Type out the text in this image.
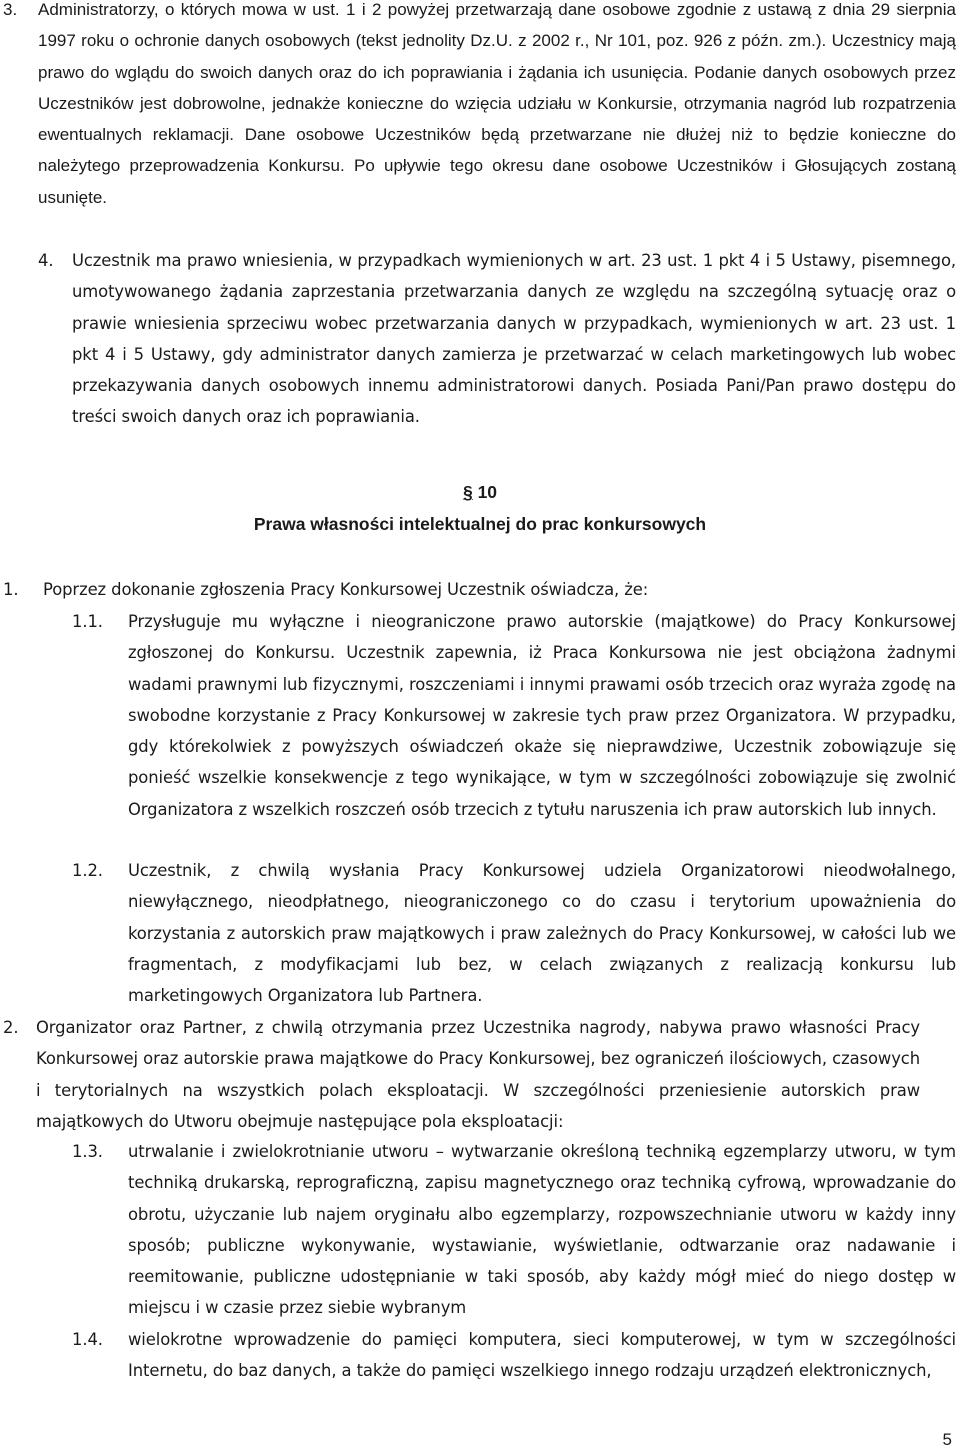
3. Administratorzy, o których mowa w ust. 1 i 2 powyżej przetwarzają dane osobowe zgodnie z ustawą z dnia 29 sierpnia 1997 roku o ochronie danych osobowych (tekst jednolity Dz.U. z 2002 r., Nr 101, poz. 926 z późn. zm.). Uczestnicy mają prawo do wglądu do swoich danych oraz do ich poprawiania i żądania ich usunięcia. Podanie danych osobowych przez Uczestników jest dobrowolne, jednakże konieczne do wzięcia udziału w Konkursie, otrzymania nagród lub rozpatrzenia ewentualnych reklamacji. Dane osobowe Uczestników będą przetwarzane nie dłużej niż to będzie konieczne do należytego przeprowadzenia Konkursu. Po upływie tego okresu dane osobowe Uczestników i Głosujących zostaną usunięte.

4. Uczestnik ma prawo wniesienia, w przypadkach wymienionych w art. 23 ust. 1 pkt 4 i 5 Ustawy, pisemnego, umotywowanego żądania zaprzestania przetwarzania danych ze względu na szczególną sytuację oraz o prawie wniesienia sprzeciwu wobec przetwarzania danych w przypadkach, wymienionych w art. 23 ust. 1 pkt 4 i 5 Ustawy, gdy administrator danych zamierza je przetwarzać w celach marketingowych lub wobec przekazywania danych osobowych innemu administratorowi danych. Posiada Pani/Pan prawo dostępu do treści swoich danych oraz ich poprawiania.

§ 10

Prawa własności intelektualnej do prac konkursowych

1. Poprzez dokonanie zgłoszenia Pracy Konkursowej Uczestnik oświadcza, że:

1.1. Przysługuje mu wyłączne i nieograniczone prawo autorskie (majątkowe) do Pracy Konkursowej zgłoszonej do Konkursu. Uczestnik zapewnia, iż Praca Konkursowa nie jest obciążona żadnymi wadami prawnymi lub fizycznymi, roszczeniami i innymi prawami osób trzecich oraz wyraża zgodę na swobodne korzystanie z Pracy Konkursowej w zakresie tych praw przez Organizatora. W przypadku, gdy którekolwiek z powyższych oświadczeń okaże się nieprawdziwe, Uczestnik zobowiązuje się ponieść wszelkie konsekwencje z tego wynikające, w tym w szczególności zobowiązuje się zwolnić Organizatora z wszelkich roszczeń osób trzecich z tytułu naruszenia ich praw autorskich lub innych.

1.2. Uczestnik, z chwilą wysłania Pracy Konkursowej udziela Organizatorowi nieodwołalnego, niewyłącznego, nieodpłatnego, nieograniczonego co do czasu i terytorium upoważnienia do korzystania z autorskich praw majątkowych i praw zależnych do Pracy Konkursowej, w całości lub we fragmentach, z modyfikacjami lub bez, w celach związanych z realizacją konkursu lub marketingowych Organizatora lub Partnera.

2. Organizator oraz Partner, z chwilą otrzymania przez Uczestnika nagrody, nabywa prawo własności Pracy Konkursowej oraz autorskie prawa majątkowe do Pracy Konkursowej, bez ograniczeń ilościowych, czasowych i terytorialnych na wszystkich polach eksploatacji. W szczególności przeniesienie autorskich praw majątkowych do Utworu obejmuje następujące pola eksploatacji:

1.3. utrwalanie i zwielokrotnianie utworu – wytwarzanie określoną techniką egzemplarzy utworu, w tym techniką drukarską, reprograficzną, zapisu magnetycznego oraz techniką cyfrową, wprowadzanie do obrotu, użyczanie lub najem oryginału albo egzemplarzy, rozpowszechnianie utworu w każdy inny sposób; publiczne wykonywanie, wystawianie, wyświetlanie, odtwarzanie oraz nadawanie i reemitowanie, publiczne udostępnianie w taki sposób, aby każdy mógł mieć do niego dostęp w miejscu i w czasie przez siebie wybranym

1.4. wielokrotne wprowadzenie do pamięci komputera, sieci komputerowej, w tym w szczególności Internetu, do baz danych, a także do pamięci wszelkiego innego rodzaju urządzeń elektronicznych,

5
